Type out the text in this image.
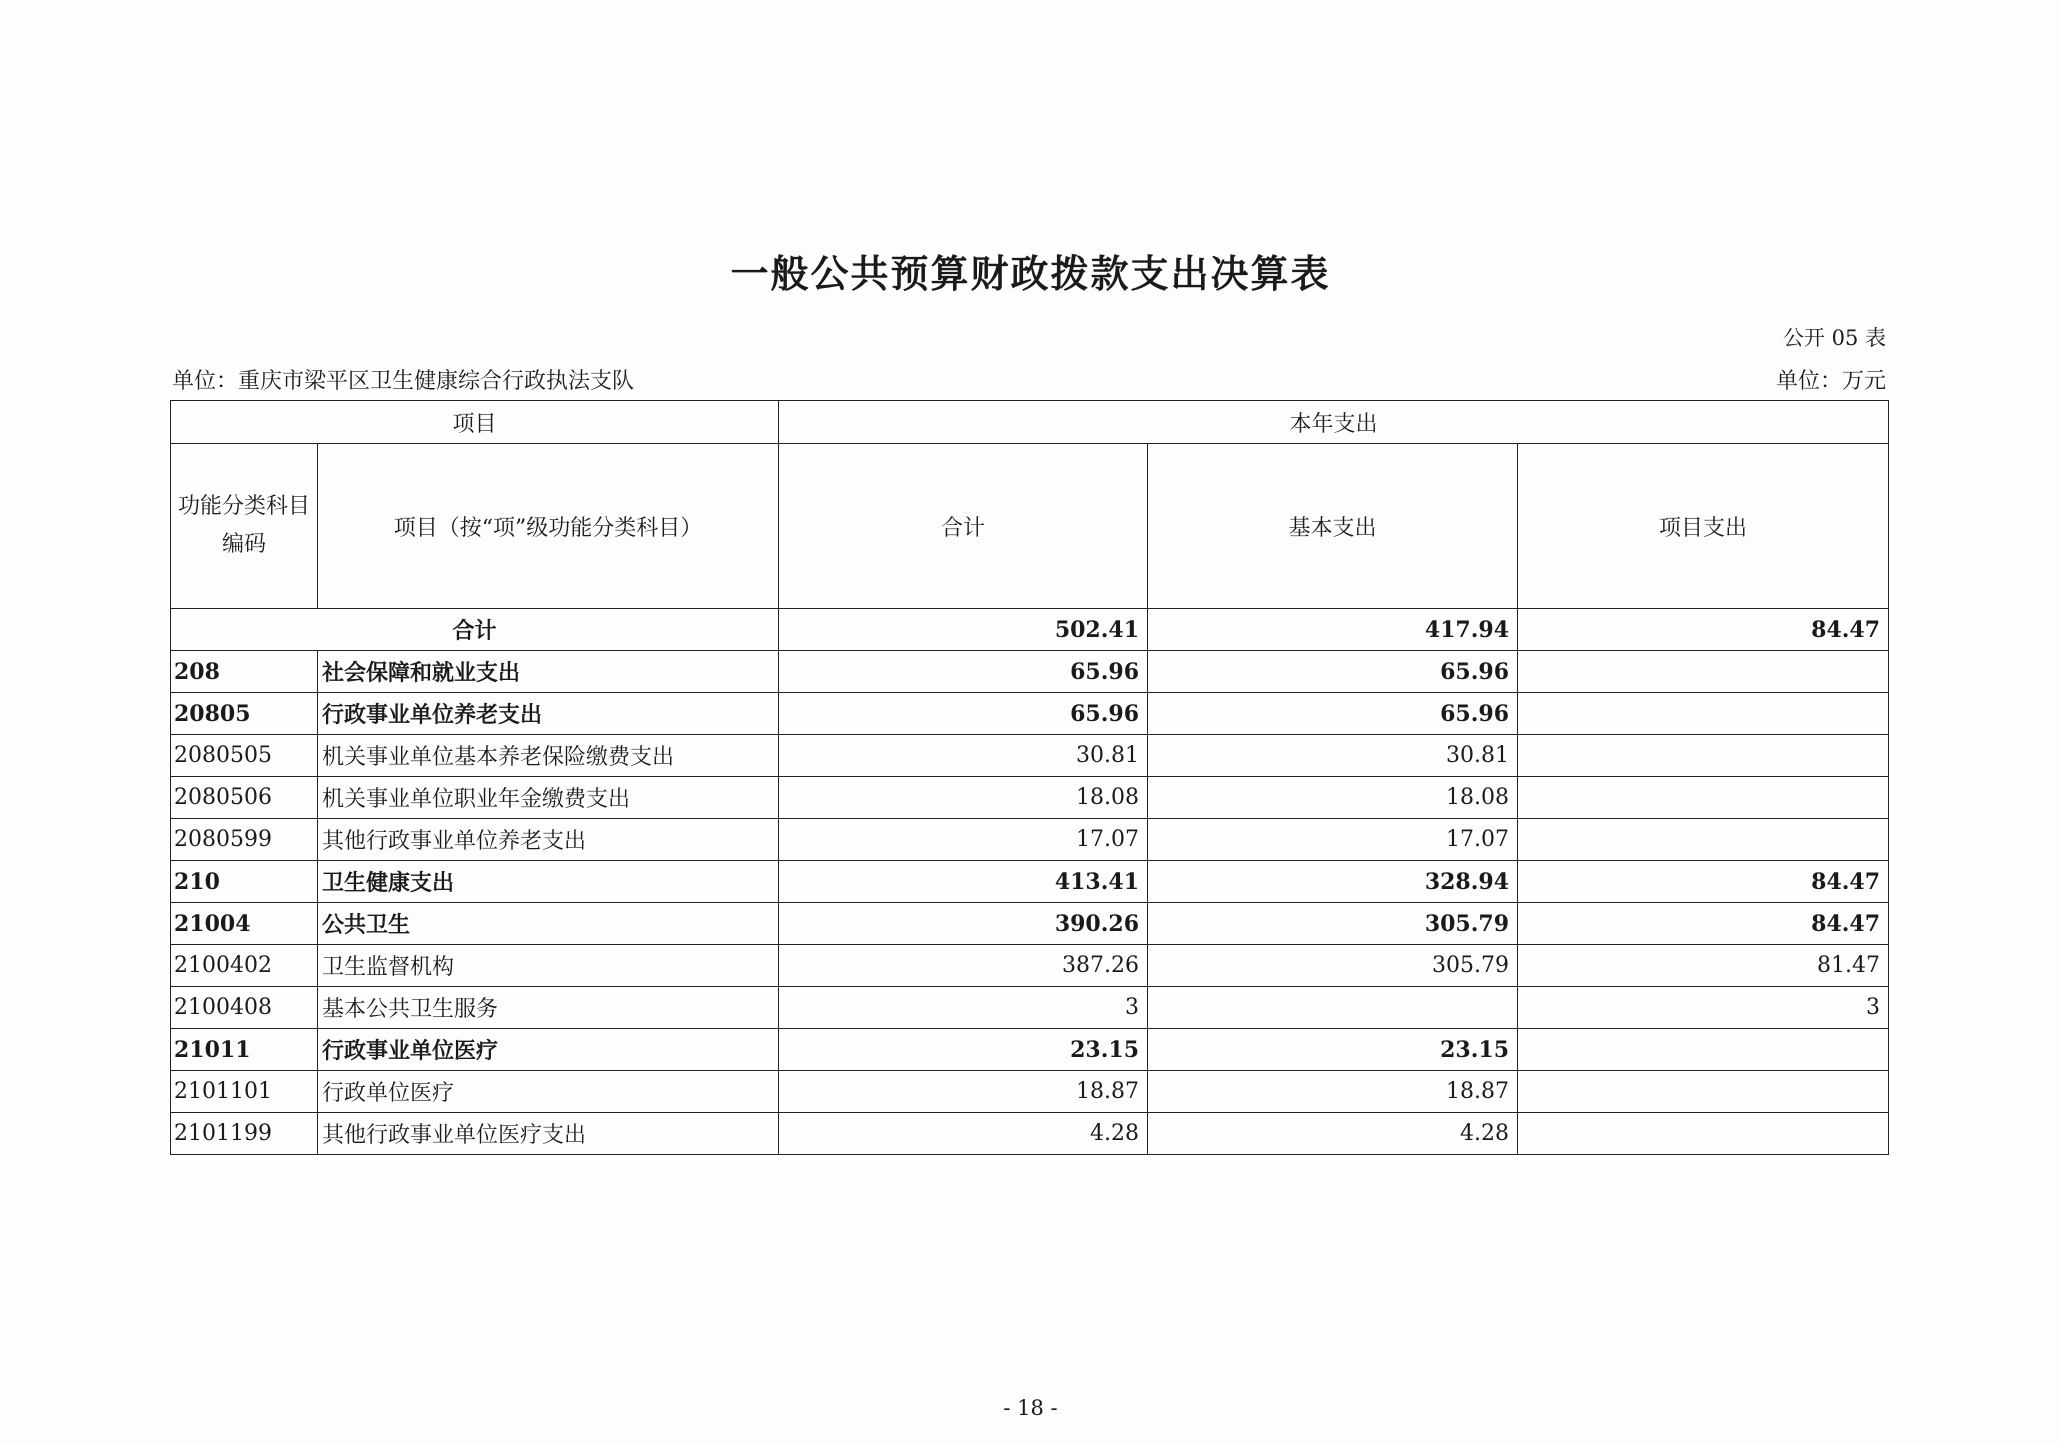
一般公共预算财政拨款支出决算表
公开 05 表
单位：重庆市梁平区卫生健康综合行政执法支队	单位：万元
项目		本年支出		
功能分类科目编码	项目（按“项”级功能分类科目）	合计	基本支出	项目支出
合计		502.41	417.94	84.47
208	社会保障和就业支出	65.96	65.96	
20805	行政事业单位养老支出	65.96	65.96	
2080505	机关事业单位基本养老保险缴费支出	30.81	30.81	
2080506	机关事业单位职业年金缴费支出	18.08	18.08	
2080599	其他行政事业单位养老支出	17.07	17.07	
210	卫生健康支出	413.41	328.94	84.47
21004	公共卫生	390.26	305.79	84.47
2100402	卫生监督机构	387.26	305.79	81.47
2100408	基本公共卫生服务	3		3
21011	行政事业单位医疗	23.15	23.15	
2101101	行政单位医疗	18.87	18.87	
2101199	其他行政事业单位医疗支出	4.28	4.28	
- 18 -
